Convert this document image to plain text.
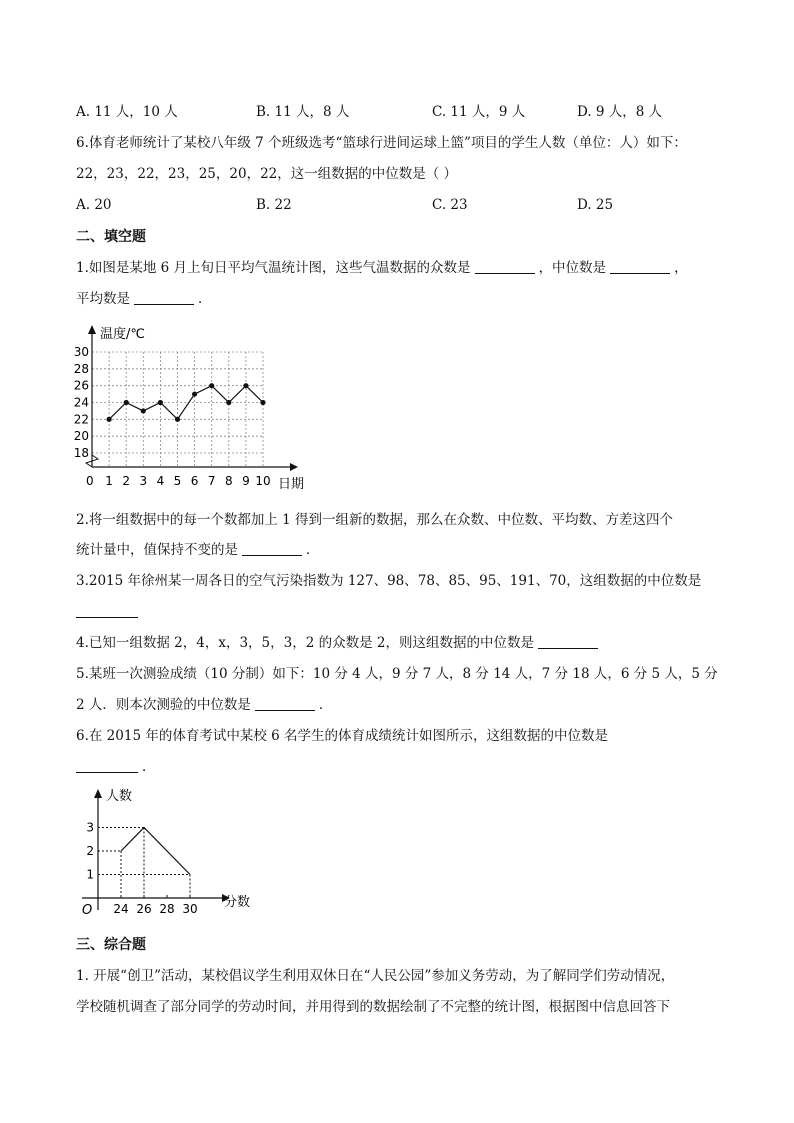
A. 11 人，10 人	B. 11 人，8 人	C. 11 人，9 人	D. 9 人，8 人
6.体育老师统计了某校八年级 7 个班级选考“篮球行进间运球上篮”项目的学生人数（单位：人）如下：
22，23，22，23，25，20，22，这一组数据的中位数是（ ）
A. 20	B. 22	C. 23	D. 25
二、填空题
1.如图是某地 6 月上旬日平均气温统计图，这些气温数据的众数是	，中位数是	，
平均数是	．
1 2 3 4 5 6 7 8 9 10
18
20
22
24
26
28
30
温度/℃
日期
0
2.将一组数据中的每一个数都加上 1 得到一组新的数据，那么在众数、中位数、平均数、方差这四个
统计量中，值保持不变的是	．
3.2015 年徐州某一周各日的空气污染指数为 127、98、78、85、95、191、70，这组数据的中位数是
4.已知一组数据 2，4，x，3，5，3，2 的众数是 2，则这组数据的中位数是
5.某班一次测验成绩（10 分制）如下：10 分 4 人，9 分 7 人，8 分 14 人，7 分 18 人，6 分 5 人，5 分
2 人．则本次测验的中位数是	．
6.在 2015 年的体育考试中某校 6 名学生的体育成绩统计如图所示，这组数据的中位数是
．
24 26 28 30
1
2
3
人数
分数
O
三、综合题
1. 开展“创卫”活动，某校倡议学生利用双休日在“人民公园”参加义务劳动，为了解同学们劳动情况，
学校随机调查了部分同学的劳动时间，并用得到的数据绘制了不完整的统计图，根据图中信息回答下
